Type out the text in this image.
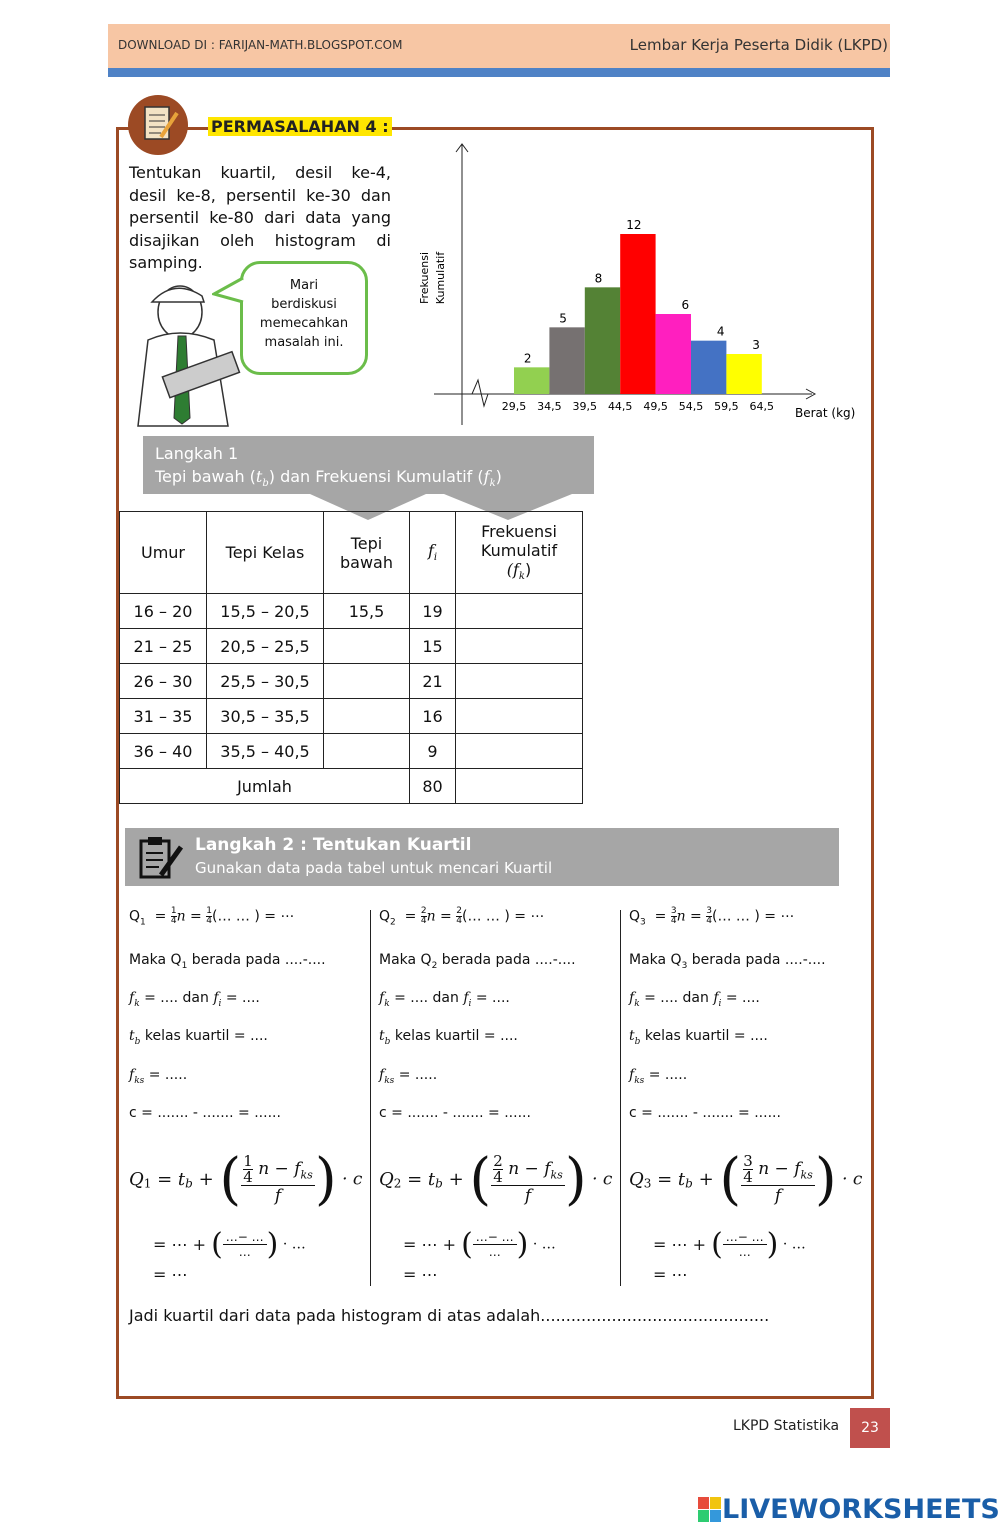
DOWNLOAD DI : FARIJAN-MATH.BLOGSPOT.COM	Lembar Kerja Peserta Didik (LKPD)
PERMASALAHAN 4 :
Tentukan kuartil, desil ke-4, desil ke-8, persentil ke-30 dan persentil ke-80 dari data yang disajikan oleh histogram di samping.
Mari
berdiskusi
memecahkan
masalah ini.
2
5
8
12
6
4
3
29,5 34,5 39,5 44,5 49,5 54,5 59,5 64,5
Frekuensi Kumulatif
Berat (kg)
Langkah 1
Tepi bawah $(t_b)$ dan Frekuensi Kumulatif $(f_k)$
Umur	Tepi Kelas	Tepi bawah	$f_i$	Frekuensi Kumulatif
$(f_k)$

16 – 20	15,5 – 20,5	15,5	19	
21 – 25	20,5 – 25,5		15	
26 – 30	25,5 – 30,5		21	
31 – 35	30,5 – 35,5		16	
36 – 40	35,5 – 40,5		9	
Jumlah			80	
Langkah 2 : Tentukan Kuartil
Gunakan data pada tabel untuk mencari Kuartil
$Q_1 = \frac{1}{4}$ $n = \frac{1}{4}$ (… … ) = ⋯
Maka $Q_1$ berada pada ....-....
$f_k$ = .... dan $f_i$ = ....
$t_b$ kelas kuartil = ....
$f_{ks}$ = .....
c = ....... - ....... = ......
$Q_1 = t_b$ + ( $\frac{1}{4}$ $n - f_{ks}$
f ) · c
= ⋯ + ( …− …
… ) · …
= ⋯
$Q_2 = \frac{2}{4}$ $n = \frac{2}{4}$ (… … ) = ⋯
Maka $Q_2$ berada pada ....-....
$f_k$ = .... dan $f_i$ = ....
$t_b$ kelas kuartil = ....
$f_{ks}$ = .....
c = ....... - ....... = ......
$Q_2 = t_b$ + ( $\frac{2}{4}$ $n - f_{ks}$
f ) · c
= ⋯ + ( …− …
… ) · …
= ⋯
$Q_3 = \frac{3}{4}$ $n = \frac{3}{4}$ (… … ) = ⋯
Maka $Q_3$ berada pada ....-....
$f_k$ = .... dan $f_i$ = ....
$t_b$ kelas kuartil = ....
$f_{ks}$ = .....
c = ....... - ....... = ......
$Q_3 = t_b$ + ( $\frac{3}{4}$ $n - f_{ks}$
f ) · c
= ⋯ + ( …− …
… ) · …
= ⋯
Jadi kuartil dari data pada histogram di atas adalah.............................................
LKPD Statistika	23
LIVEWORKSHEETS
